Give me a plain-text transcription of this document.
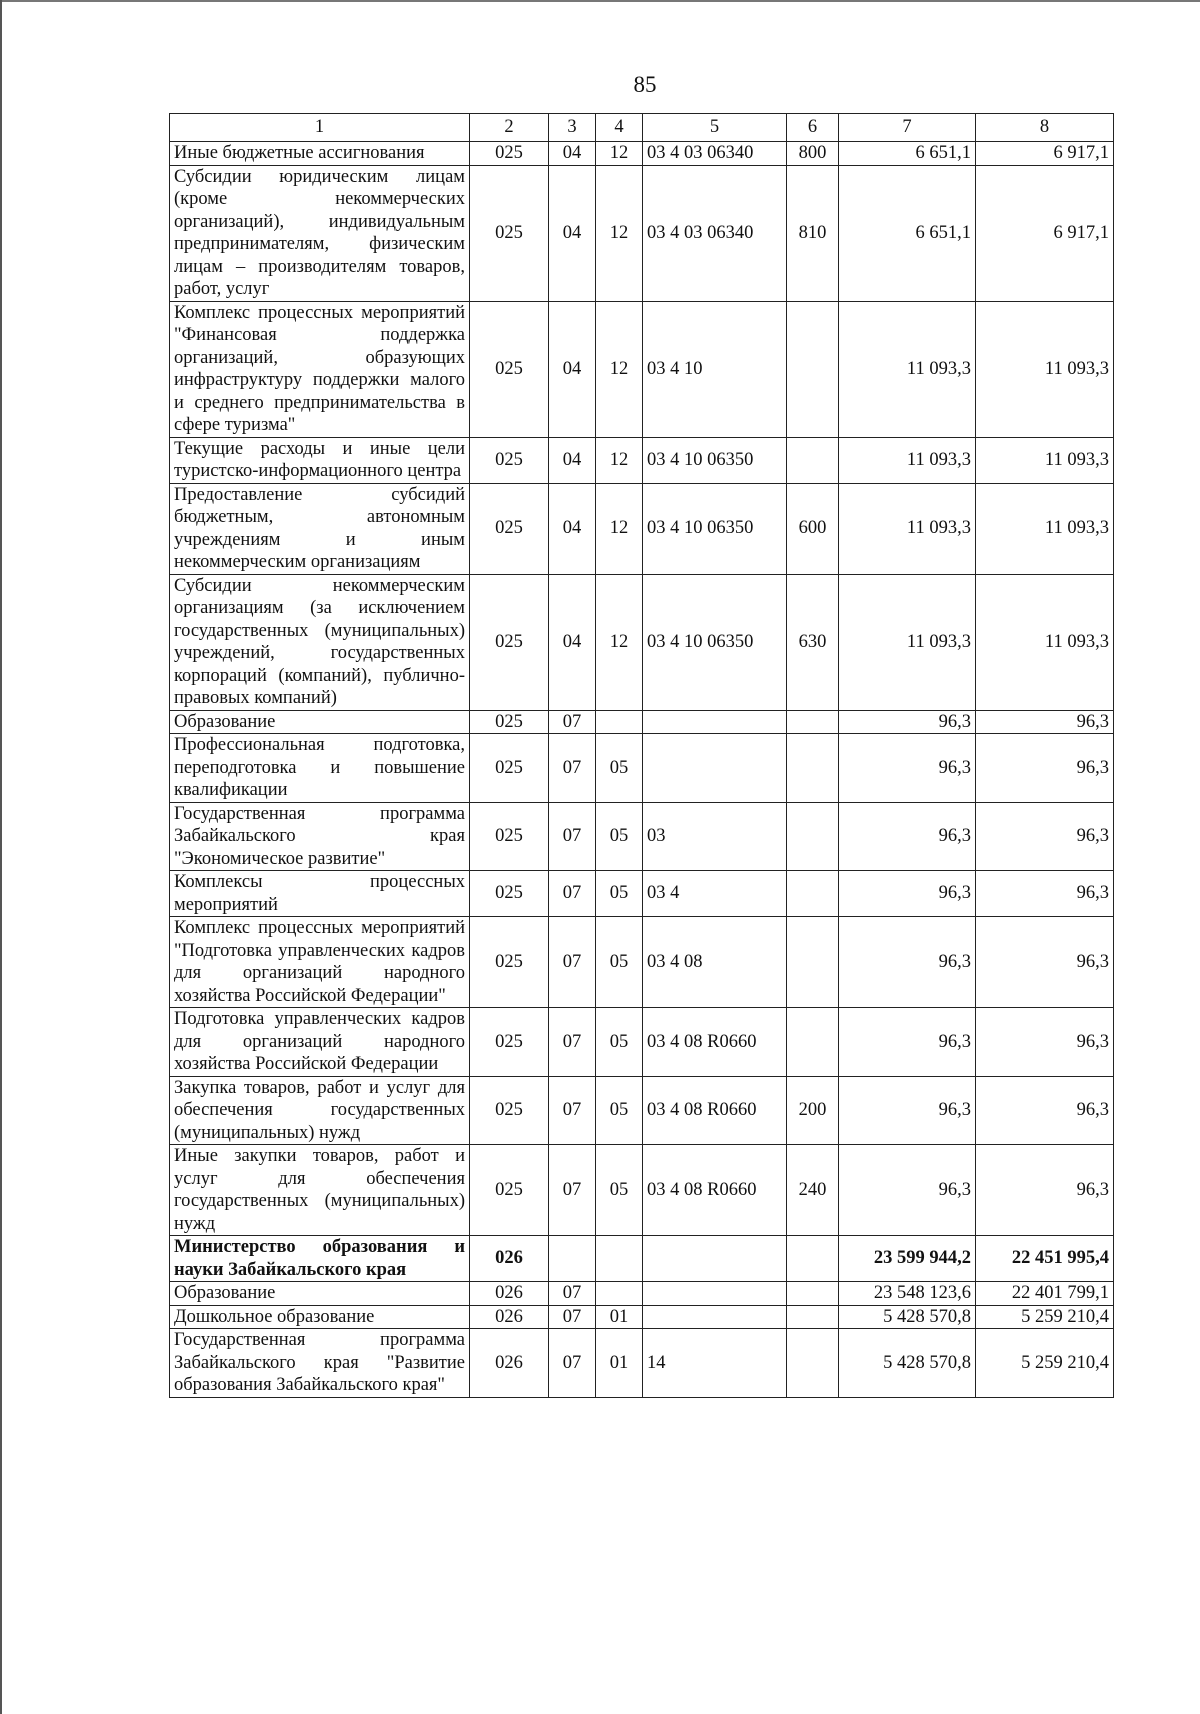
85
1	2	3	4	5	6	7	8
Иные бюджетные ассигнования	025	04	12	03 4 03 06340	800	6 651,1	6 917,1
Субсидии юридическим лицам (кроме некоммерческих организаций), индивидуальным предпринимателям, физическим лицам – производителям товаров, работ, услуг	025	04	12	03 4 03 06340	810	6 651,1	6 917,1
Комплекс процессных мероприятий "Финансовая поддержка организаций, образующих инфраструктуру поддержки малого и среднего предпринимательства в сфере туризма"	025	04	12	03 4 10		11 093,3	11 093,3
Текущие расходы и иные цели туристско-информационного центра	025	04	12	03 4 10 06350		11 093,3	11 093,3
Предоставление субсидий бюджетным, автономным учреждениям и иным некоммерческим организациям	025	04	12	03 4 10 06350	600	11 093,3	11 093,3
Субсидии некоммерческим организациям (за исключением государственных (муниципальных) учреждений, государственных корпораций (компаний), публично-правовых компаний)	025	04	12	03 4 10 06350	630	11 093,3	11 093,3
Образование	025	07				96,3	96,3
Профессиональная подготовка, переподготовка и повышение квалификации	025	07	05			96,3	96,3
Государственная программа Забайкальского края "Экономическое развитие"	025	07	05	03		96,3	96,3
Комплексы процессных мероприятий	025	07	05	03 4		96,3	96,3
Комплекс процессных мероприятий "Подготовка управленческих кадров для организаций народного хозяйства Российской Федерации"	025	07	05	03 4 08		96,3	96,3
Подготовка управленческих кадров для организаций народного хозяйства Российской Федерации	025	07	05	03 4 08 R0660		96,3	96,3
Закупка товаров, работ и услуг для обеспечения государственных (муниципальных) нужд	025	07	05	03 4 08 R0660	200	96,3	96,3
Иные закупки товаров, работ и услуг для обеспечения государственных (муниципальных) нужд	025	07	05	03 4 08 R0660	240	96,3	96,3
Министерство образования и науки Забайкальского края	026					23 599 944,2	22 451 995,4
Образование	026	07				23 548 123,6	22 401 799,1
Дошкольное образование	026	07	01			5 428 570,8	5 259 210,4
Государственная программа Забайкальского края "Развитие образования Забайкальского края"	026	07	01	14		5 428 570,8	5 259 210,4
